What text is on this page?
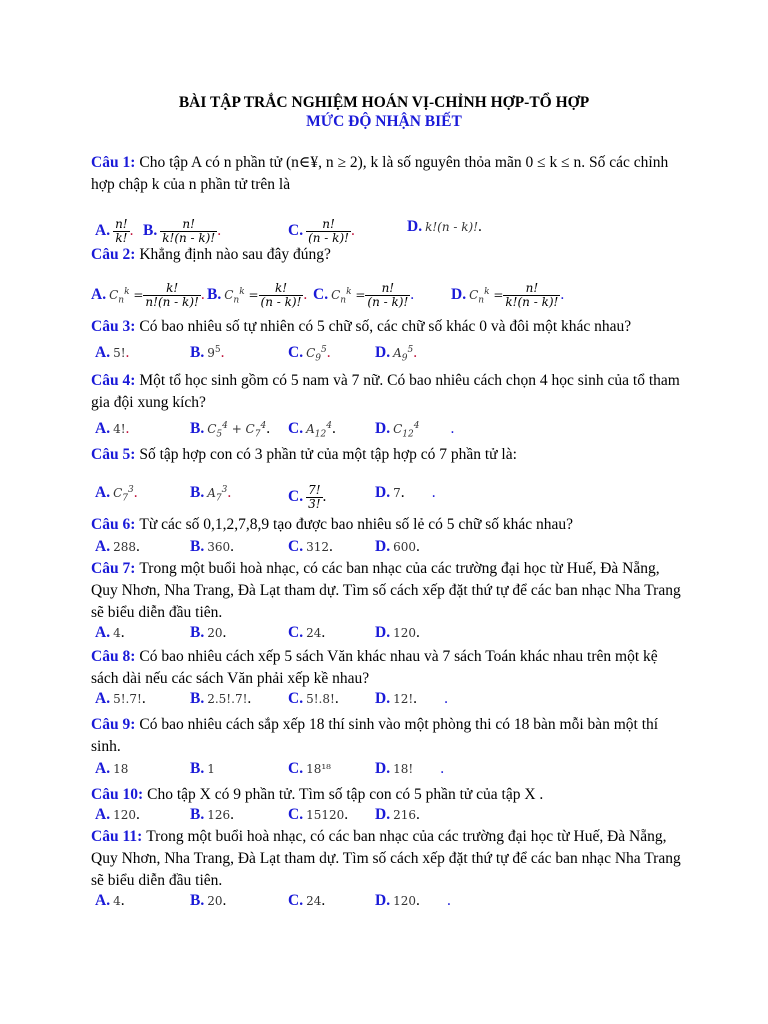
BÀI TẬP TRẮC NGHIỆM HOÁN VỊ-CHỈNH HỢP-TỔ HỢP
MỨC ĐỘ NHẬN BIẾT
Câu 1: Cho tập A có n phần tử (n∈¥, n ≥ 2), k là số nguyên thỏa mãn 0 ≤ k ≤ n. Số các chỉnh hợp chập k của n phần tử trên là
A. $\frac{n!}{k!}$ . B. $\frac{n!}{k!(n - k)!}$ .	C. $\frac{n!}{(n - k)!}$ .	D. k!(n - k)!.
Câu 2: Khẳng định nào sau đây đúng?
A. $C_n^k = \frac{k!}{n!(n - k)!}$ . B. $C_n^k = \frac{k!}{(n - k)!}$ . C. $C_n^k = \frac{n!}{(n - k)!}$ . D. $C_n^k = \frac{n!}{k!(n - k)!}$ .
Câu 3: Có bao nhiêu số tự nhiên có 5 chữ số, các chữ số khác 0 và đôi một khác nhau?
A. 5!.	B. $9^5$.	C. $C_9^5$.	D. $A_9^5$.
Câu 4: Một tổ học sinh gồm có 5 nam và 7 nữ. Có bao nhiêu cách chọn 4 học sinh của tổ tham gia đội xung kích?
A. 4!.	B. $C_5^4 + C_7^4$. C. $A_{12}^4$.	D. $C_{12}^4$        .
Câu 5: Số tập hợp con có 3 phần tử của một tập hợp có 7 phần tử là:
A. $C_7^3$.	B. $A_7^3$.	C. $\frac{7!}{3!}$ .	D. 7.       .
Câu 6: Từ các số 0,1,2,7,8,9 tạo được bao nhiêu số lẻ có 5 chữ số khác nhau?
A. 288.	B. 360.	C. 312.	D. 600.
Câu 7: Trong một buổi hoà nhạc, có các ban nhạc của các trường đại học từ Huế, Đà Nẵng, Quy Nhơn, Nha Trang, Đà Lạt tham dự. Tìm số cách xếp đặt thứ tự để các ban nhạc Nha Trang sẽ biểu diễn đầu tiên.
A. 4.	B. 20.	C. 24.	D. 120.
Câu 8: Có bao nhiêu cách xếp 5 sách Văn khác nhau và 7 sách Toán khác nhau trên một kệ sách dài nếu các sách Văn phải xếp kề nhau?
A. 5!.7!.	B. 2.5!.7!. C. 5!.8!. D. 12!.       .
Câu 9: Có bao nhiêu cách sắp xếp 18 thí sinh vào một phòng thi có 18 bàn mỗi bàn một thí sinh.
A. 18	B. 1	C. 18¹⁸	D. 18!       .
Câu 10: Cho tập X có 9 phần tử. Tìm số tập con có 5 phần tử của tập X .
A. 120.	B. 126.	C. 15120. D. 216.
Câu 11: Trong một buổi hoà nhạc, có các ban nhạc của các trường đại học từ Huế, Đà Nẵng, Quy Nhơn, Nha Trang, Đà Lạt tham dự. Tìm số cách xếp đặt thứ tự để các ban nhạc Nha Trang sẽ biểu diễn đầu tiên.
A. 4.	B. 20.	C. 24.	D. 120.       .
